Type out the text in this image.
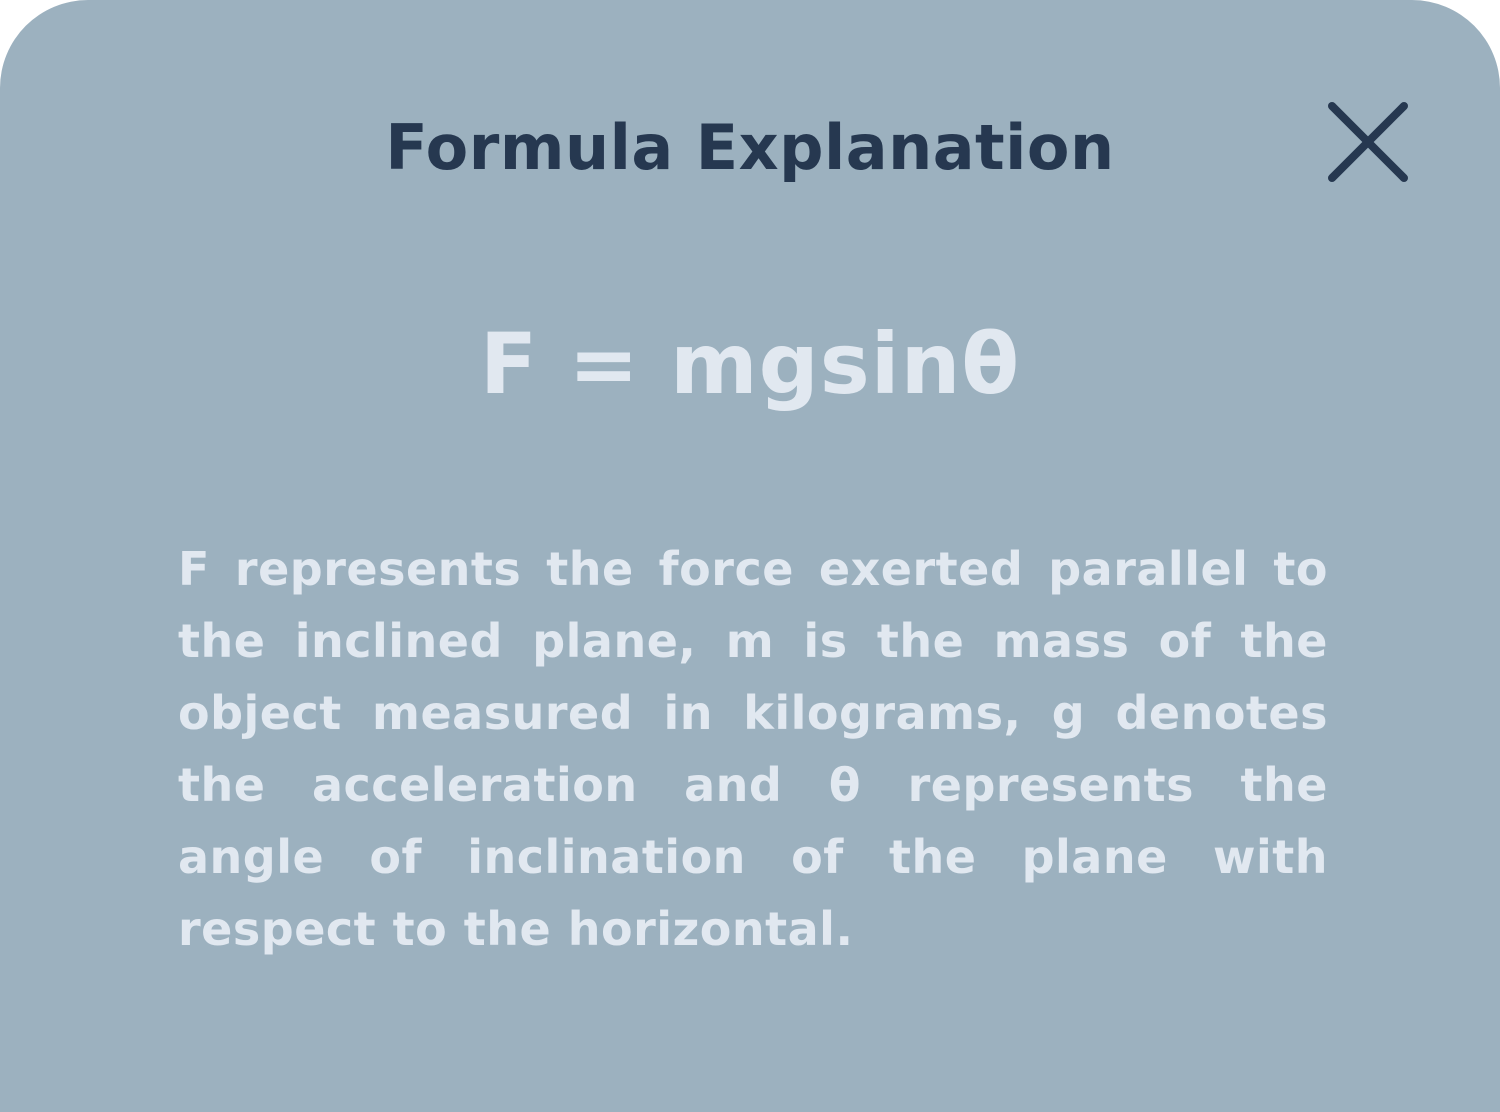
Formula Explanation
F = mgsinθ
F represents the force exerted parallel to the inclined plane, m is the mass of the object measured in kilograms, g denotes the acceleration and θ represents the angle of inclination of the plane with respect to the horizontal.
